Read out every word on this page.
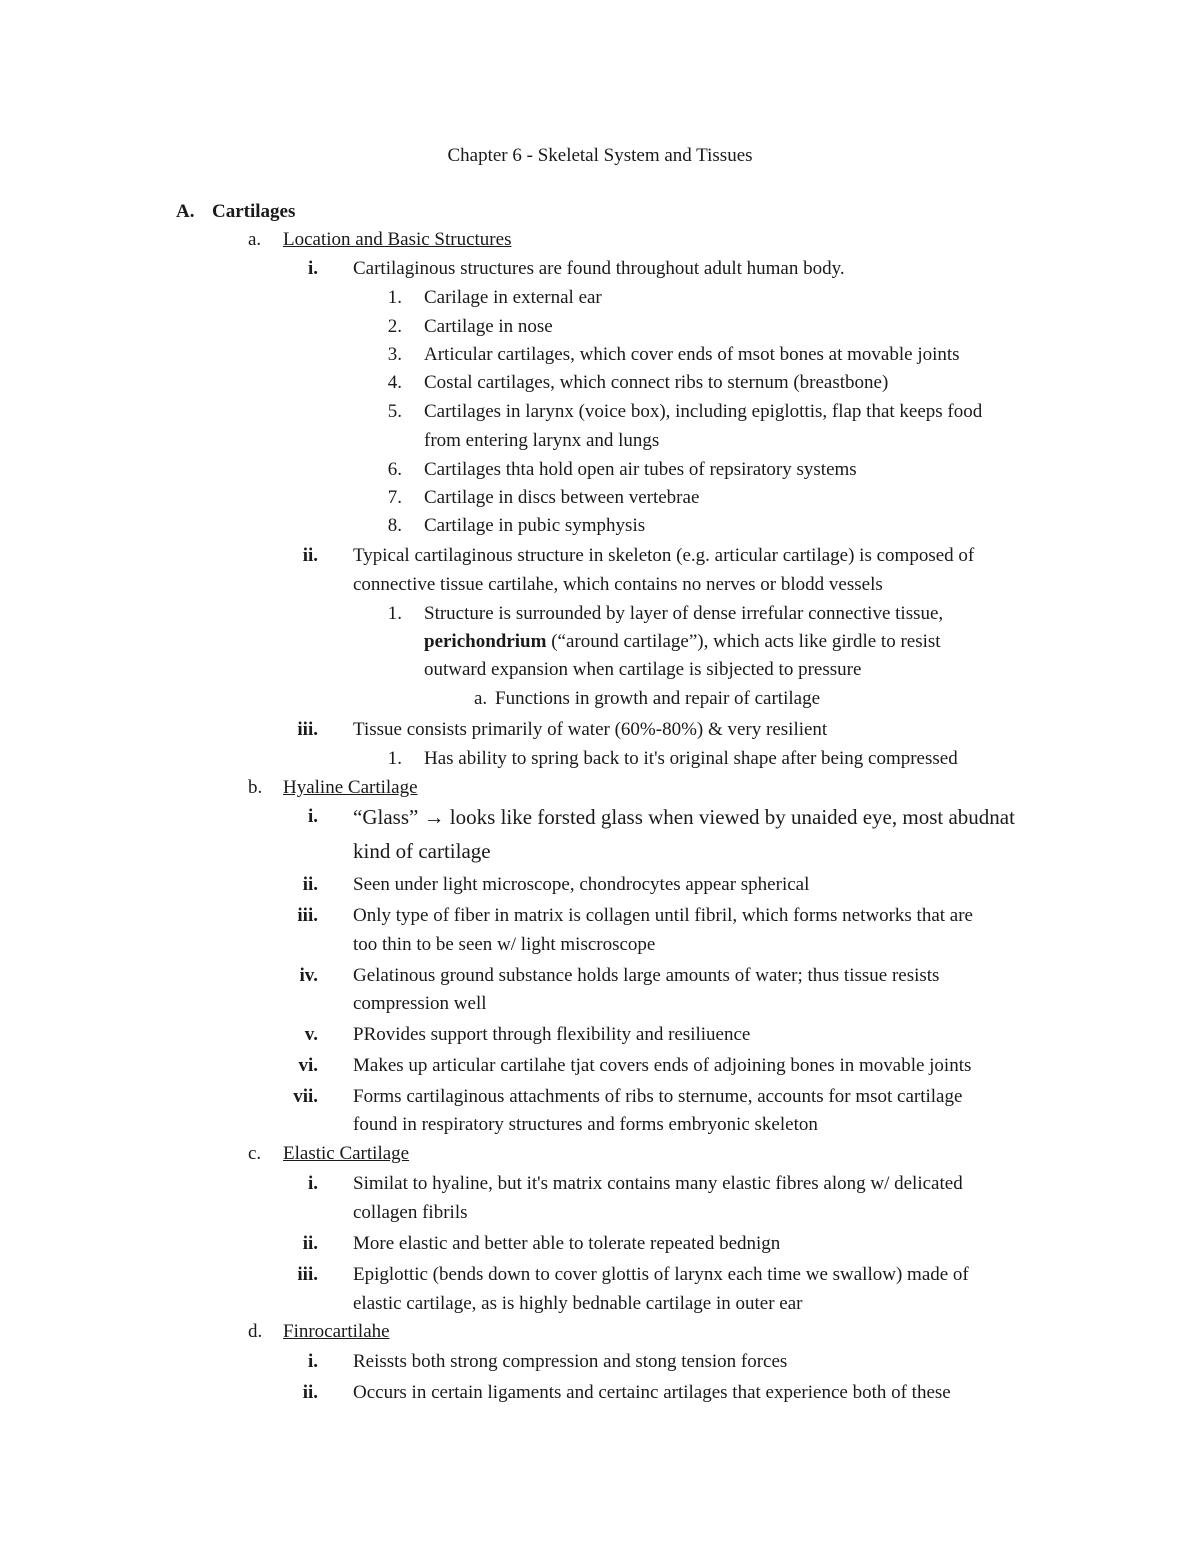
Chapter 6 - Skeletal System and Tissues
A. Cartilages
a. Location and Basic Structures
i. Cartilaginous structures are found throughout adult human body.
1. Carilage in external ear
2. Cartilage in nose
3. Articular cartilages, which cover ends of msot bones at movable joints
4. Costal cartilages, which connect ribs to sternum (breastbone)
5. Cartilages in larynx (voice box), including epiglottis, flap that keeps food
from entering larynx and lungs
6. Cartilages thta hold open air tubes of repsiratory systems
7. Cartilage in discs between vertebrae
8. Cartilage in pubic symphysis
ii. Typical cartilaginous structure in skeleton (e.g. articular cartilage) is composed of
connective tissue cartilahe, which contains no nerves or blodd vessels
1. Structure is surrounded by layer of dense irrefular connective tissue,
perichondrium (“around cartilage”), which acts like girdle to resist
outward expansion when cartilage is sibjected to pressure
a. Functions in growth and repair of cartilage
iii. Tissue consists primarily of water (60%-80%) & very resilient
1. Has ability to spring back to it's original shape after being compressed
b. Hyaline Cartilage
i. “Glass” → looks like forsted glass when viewed by unaided eye, most abudnat
kind of cartilage
ii. Seen under light microscope, chondrocytes appear spherical
iii. Only type of fiber in matrix is collagen until fibril, which forms networks that are
too thin to be seen w/ light miscroscope
iv. Gelatinous ground substance holds large amounts of water; thus tissue resists
compression well
v. PRovides support through flexibility and resiliuence
vi. Makes up articular cartilahe tjat covers ends of adjoining bones in movable joints
vii. Forms cartilaginous attachments of ribs to sternume, accounts for msot cartilage
found in respiratory structures and forms embryonic skeleton
c. Elastic Cartilage
i. Similat to hyaline, but it's matrix contains many elastic fibres along w/ delicated
collagen fibrils
ii. More elastic and better able to tolerate repeated bednign
iii. Epiglottic (bends down to cover glottis of larynx each time we swallow) made of
elastic cartilage, as is highly bednable cartilage in outer ear
d. Finrocartilahe
i. Reissts both strong compression and stong tension forces
ii. Occurs in certain ligaments and certainc artilages that experience both of these
